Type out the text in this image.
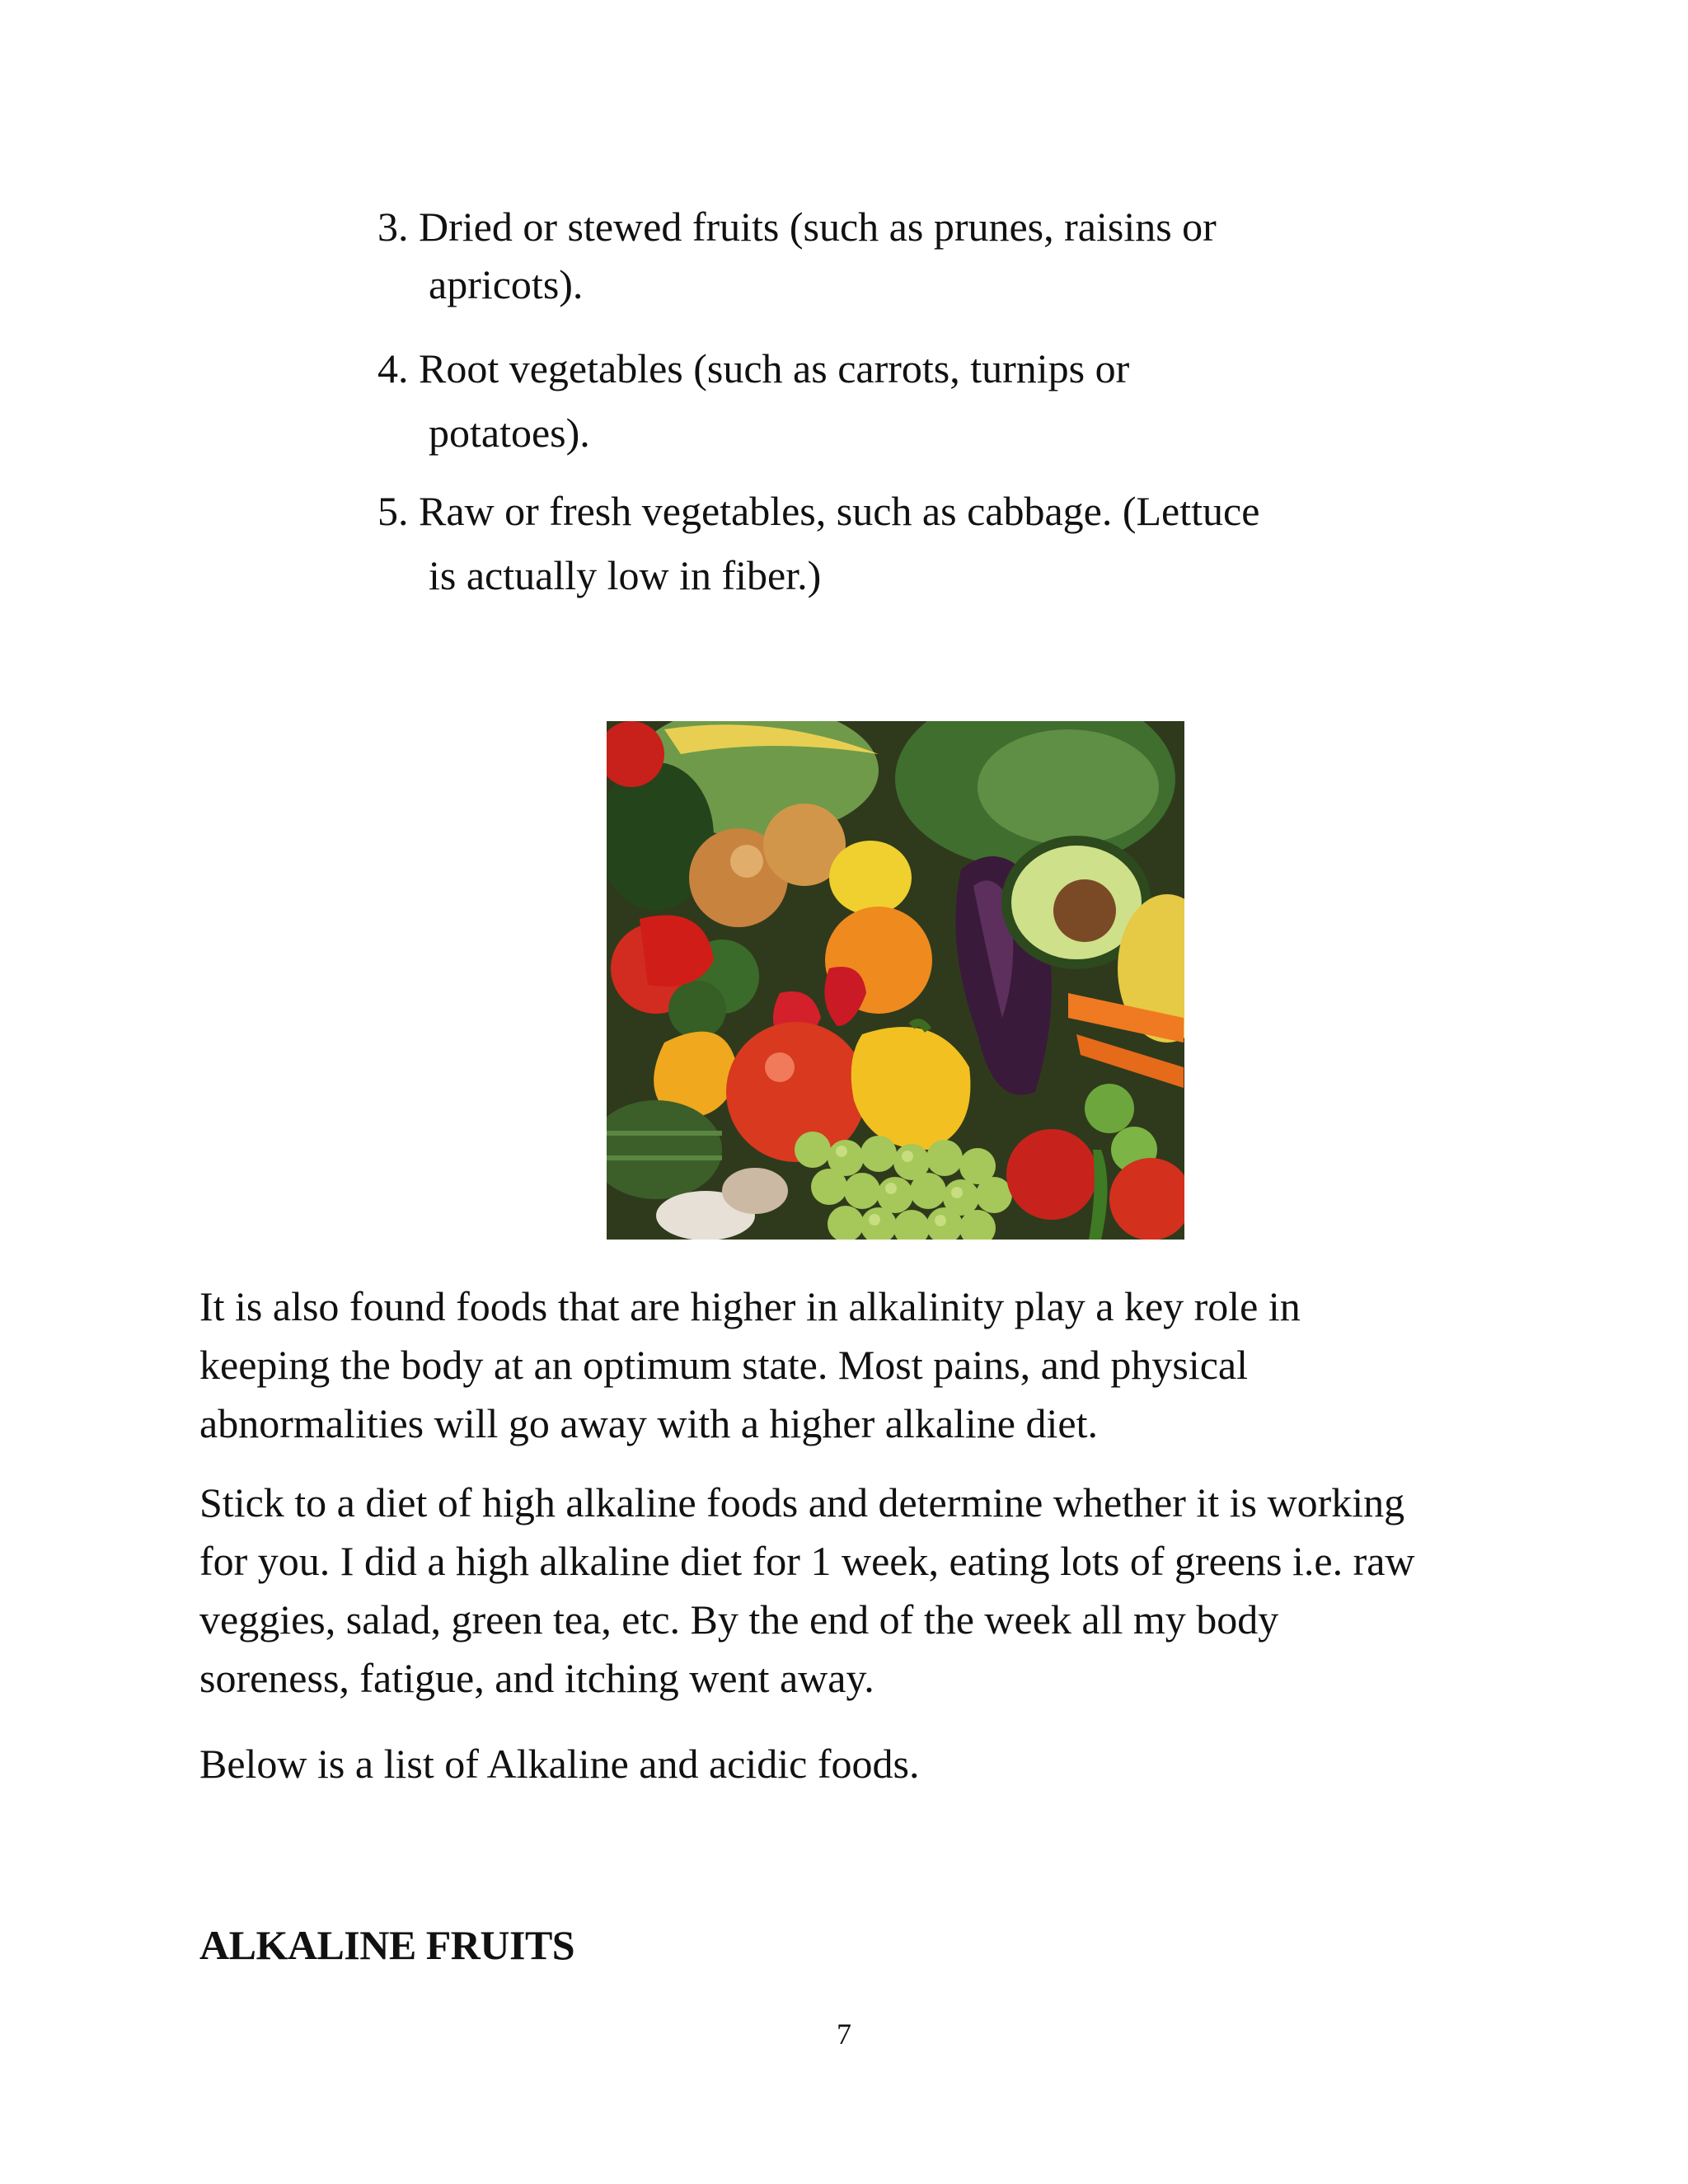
3. Dried or stewed fruits (such as prunes, raisins or
apricots).
4. Root vegetables (such as carrots, turnips or
potatoes).
5. Raw or fresh vegetables, such as cabbage. (Lettuce
is actually low in fiber.)
It is also found foods that are higher in alkalinity play a key role in
keeping the body at an optimum state. Most pains, and physical
abnormalities will go away with a higher alkaline diet.
Stick to a diet of high alkaline foods and determine whether it is working
for you. I did a high alkaline diet for 1 week, eating lots of greens i.e. raw
veggies, salad, green tea, etc. By the end of the week all my body
soreness, fatigue, and itching went away.
Below is a list of Alkaline and acidic foods.
ALKALINE FRUITS
7
